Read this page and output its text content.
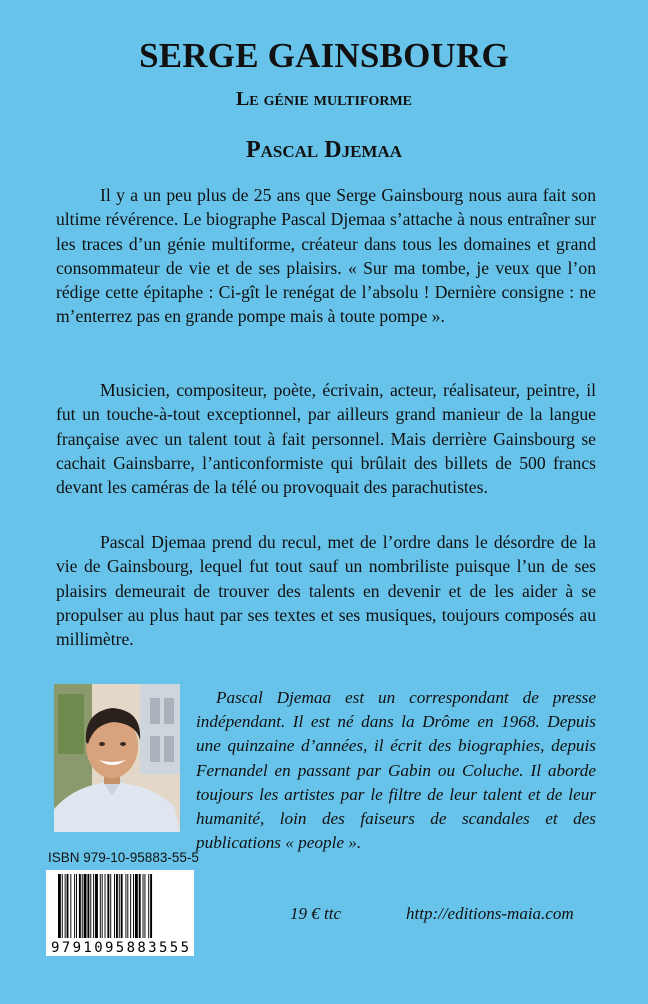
SERGE GAINSBOURG
Le génie multiforme
Pascal Djemaa

Il y a un peu plus de 25 ans que Serge Gainsbourg nous aura fait son ultime révérence. Le biographe Pascal Djemaa s’attache à nous entraîner sur les traces d’un génie multiforme, créateur dans tous les domaines et grand consommateur de vie et de ses plaisirs. « Sur ma tombe, je veux que l’on rédige cette épitaphe : Ci-gît le renégat de l’absolu ! Dernière consigne : ne m’enterrez pas en grande pompe mais à toute pompe ».

Musicien, compositeur, poète, écrivain, acteur, réalisateur, peintre, il fut un touche-à-tout exceptionnel, par ailleurs grand manieur de la langue française avec un talent tout à fait personnel. Mais derrière Gainsbourg se cachait Gainsbarre, l’anticonformiste qui brûlait des billets de 500 francs devant les caméras de la télé ou provoquait des parachutistes.

Pascal Djemaa prend du recul, met de l’ordre dans le désordre de la vie de Gainsbourg, lequel fut tout sauf un nombriliste puisque l’un de ses plaisirs demeurait de trouver des talents en devenir et de les aider à se propulser au plus haut par ses textes et ses musiques, toujours composés au millimètre.

Pascal Djemaa est un correspondant de presse indépendant. Il est né dans la Drôme en 1968. Depuis une quinzaine d’années, il écrit des biographies, depuis Fernandel en passant par Gabin ou Coluche. Il aborde toujours les artistes par le filtre de leur talent et de leur humanité, loin des faiseurs de scandales et des publications « people ».

ISBN 979-10-95883-55-5
9791095883555
19 € ttc	http://editions-maia.com
